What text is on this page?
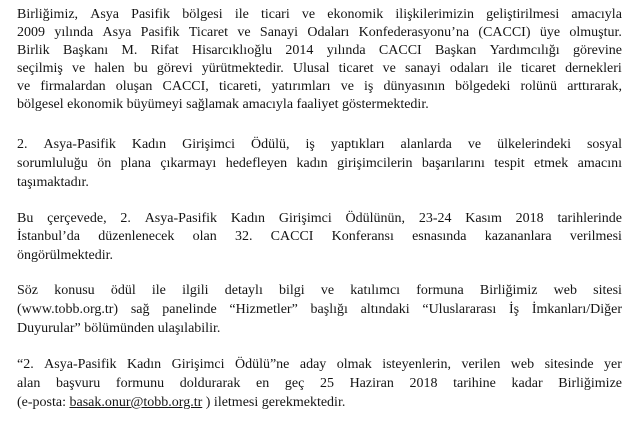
Birliğimiz, Asya Pasifik bölgesi ile ticari ve ekonomik ilişkilerimizin geliştirilmesi amacıyla
2009 yılında Asya Pasifik Ticaret ve Sanayi Odaları Konfederasyonu’na (CACCI) üye olmuştur.
Birlik Başkanı M. Rifat Hisarcıklıoğlu 2014 yılında CACCI Başkan Yardımcılığı görevine
seçilmiş ve halen bu görevi yürütmektedir. Ulusal ticaret ve sanayi odaları ile ticaret dernekleri
ve firmalardan oluşan CACCI, ticareti, yatırımları ve iş dünyasının bölgedeki rolünü arttırarak,
bölgesel ekonomik büyümeyi sağlamak amacıyla faaliyet göstermektedir.
2. Asya-Pasifik Kadın Girişimci Ödülü, iş yaptıkları alanlarda ve ülkelerindeki sosyal
sorumluluğu ön plana çıkarmayı hedefleyen kadın girişimcilerin başarılarını tespit etmek amacını
taşımaktadır.
Bu çerçevede, 2. Asya-Pasifik Kadın Girişimci Ödülünün, 23-24 Kasım 2018 tarihlerinde
İstanbul’da düzenlenecek olan 32. CACCI Konferansı esnasında kazananlara verilmesi
öngörülmektedir.
Söz konusu ödül ile ilgili detaylı bilgi ve katılımcı formuna Birliğimiz web sitesi
(www.tobb.org.tr) sağ panelinde “Hizmetler” başlığı altındaki “Uluslararası İş İmkanları/Diğer
Duyurular” bölümünden ulaşılabilir.
“2. Asya-Pasifik Kadın Girişimci Ödülü”ne aday olmak isteyenlerin, verilen web sitesinde yer
alan başvuru formunu doldurarak en geç 25 Haziran 2018 tarihine kadar Birliğimize
(e-posta: basak.onur@tobb.org.tr ) iletmesi gerekmektedir.
